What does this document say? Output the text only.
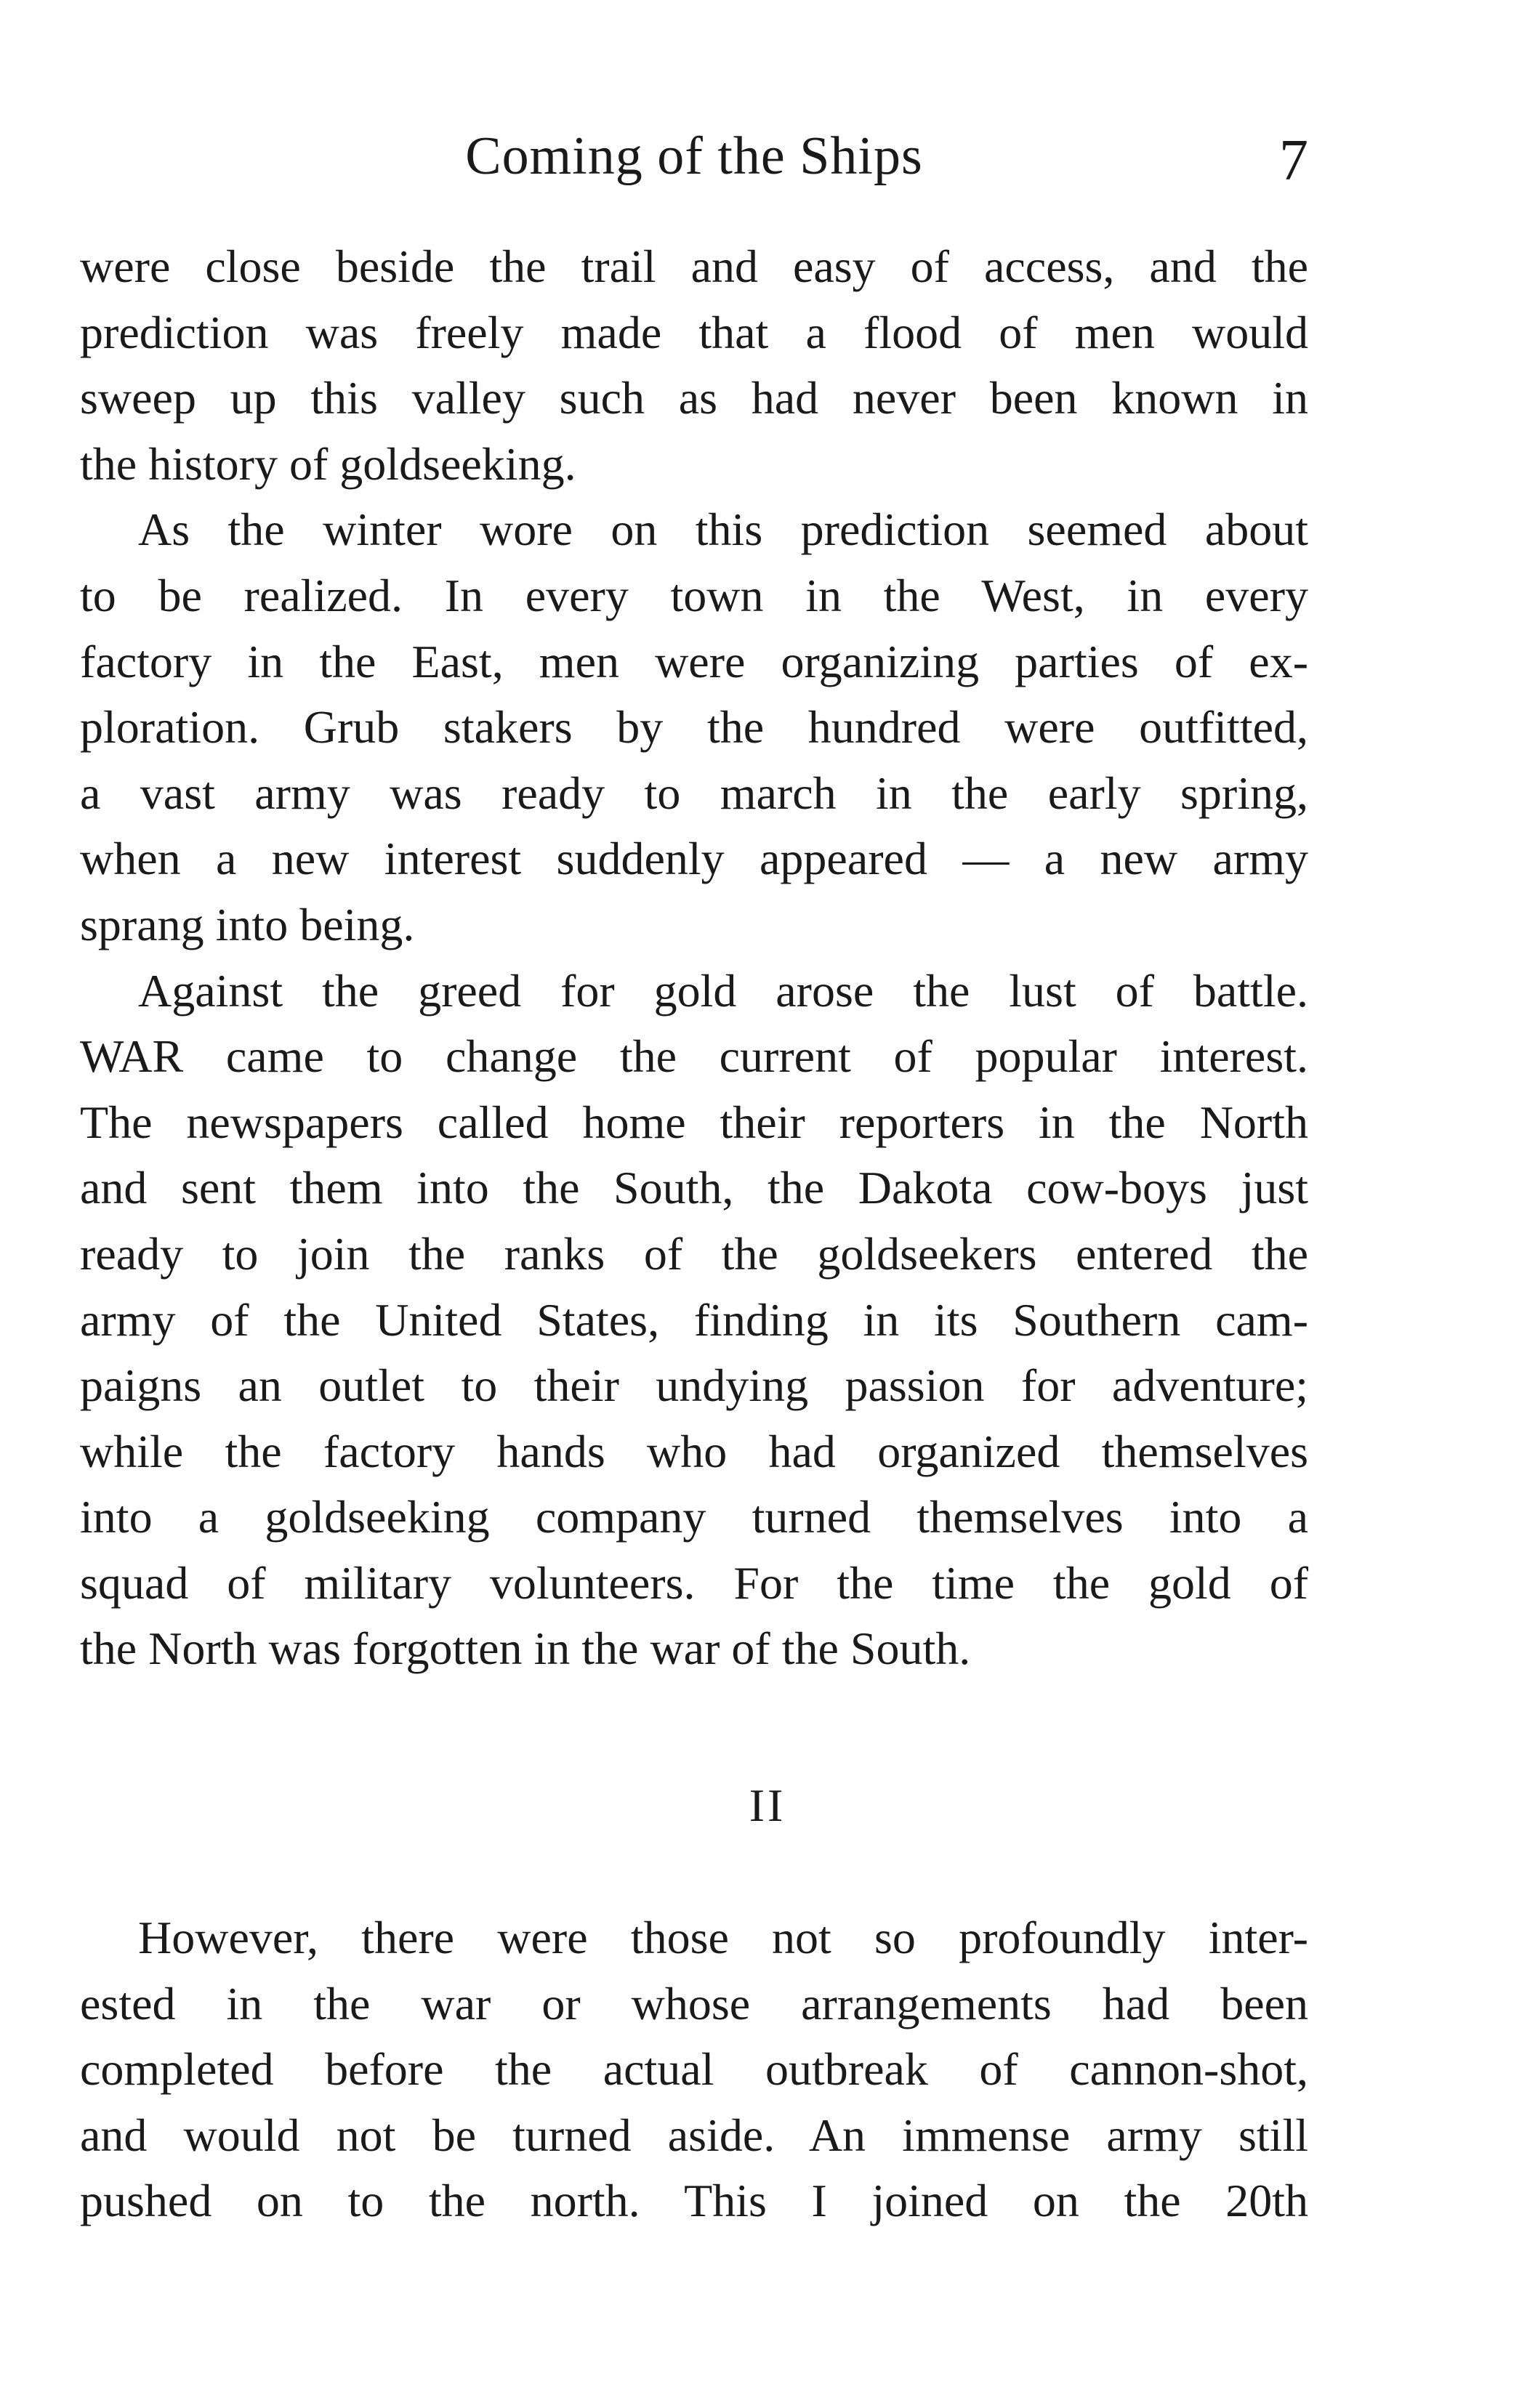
Coming of the Ships	7
were close beside the trail and easy of access, and the
prediction was freely made that a flood of men would
sweep up this valley such as had never been known in
the history of goldseeking.
As the winter wore on this prediction seemed about
to be realized. In every town in the West, in every
factory in the East, men were organizing parties of ex-
ploration. Grub stakers by the hundred were outfitted,
a vast army was ready to march in the early spring,
when a new interest suddenly appeared — a new army
sprang into being.
Against the greed for gold arose the lust of battle.
WAR came to change the current of popular interest.
The newspapers called home their reporters in the North
and sent them into the South, the Dakota cow-boys just
ready to join the ranks of the goldseekers entered the
army of the United States, finding in its Southern cam-
paigns an outlet to their undying passion for adventure;
while the factory hands who had organized themselves
into a goldseeking company turned themselves into a
squad of military volunteers. For the time the gold of
the North was forgotten in the war of the South.
II
However, there were those not so profoundly inter-
ested in the war or whose arrangements had been
completed before the actual outbreak of cannon-shot,
and would not be turned aside. An immense army still
pushed on to the north. This I joined on the 20th
